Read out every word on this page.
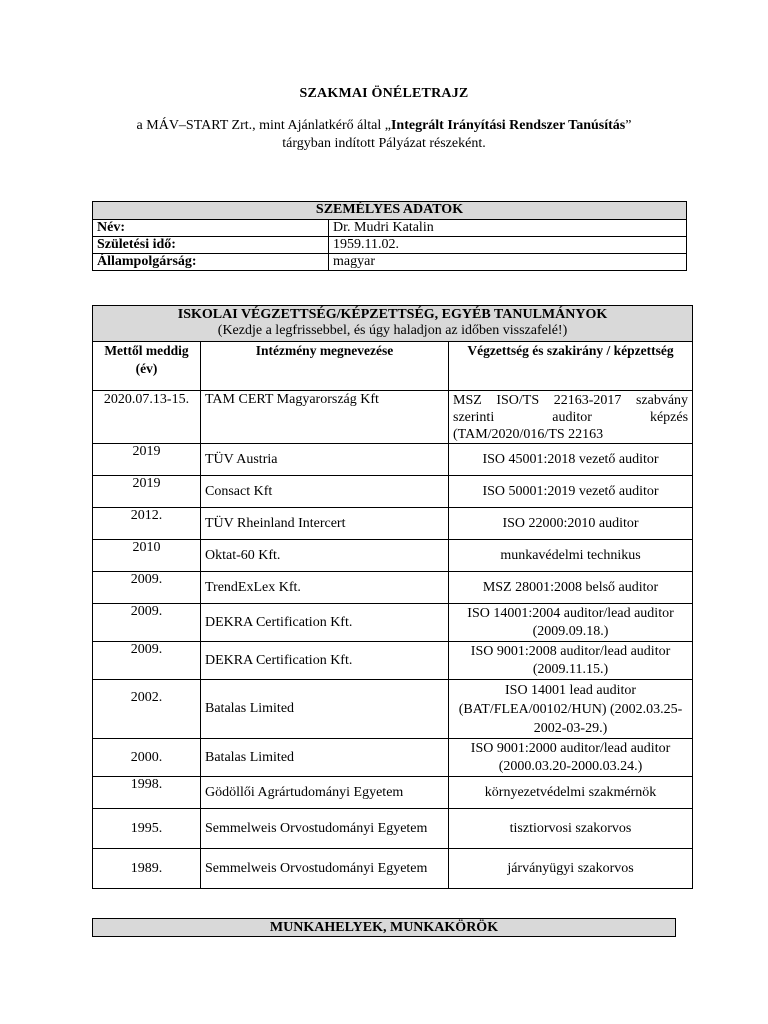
SZAKMAI ÖNÉLETRAJZ
a MÁV–START Zrt., mint Ajánlatkérő által „Integrált Irányítási Rendszer Tanúsítás”
tárgyban indított Pályázat részeként.
SZEMÉLYES ADATOK	
Név:	Dr. Mudri Katalin
Születési idő:	1959.11.02.
Állampolgárság:	magyar
ISKOLAI VÉGZETTSÉG/KÉPZETTSÉG, EGYÉB TANULMÁNYOK
(Kezdje a legfrissebbel, és úgy haladjon az időben visszafelé!)		
Mettől meddig (év)	Intézmény megnevezése	Végzettség és szakirány / képzettség
2020.07.13-15.	TAM CERT Magyarország Kft	MSZ ISO/TS 22163-2017 szabvány szerinti auditor képzés (TAM/2020/016/TS 22163
2019	TÜV Austria	ISO 45001:2018 vezető auditor
2019	Consact Kft	ISO 50001:2019 vezető auditor
2012.	TÜV Rheinland Intercert	ISO 22000:2010 auditor
2010	Oktat-60 Kft.	munkavédelmi technikus
2009.	TrendExLex Kft.	MSZ 28001:2008 belső auditor
2009.	DEKRA Certification Kft.	ISO 14001:2004 auditor/lead auditor (2009.09.18.)
2009.	DEKRA Certification Kft.	ISO 9001:2008 auditor/lead auditor (2009.11.15.)
2002.	Batalas Limited	ISO 14001 lead auditor (BAT/FLEA/00102/HUN) (2002.03.25-2002-03-29.)
2000.	Batalas Limited	ISO 9001:2000 auditor/lead auditor (2000.03.20-2000.03.24.)
1998.	Gödöllői Agrártudományi Egyetem	környezetvédelmi szakmérnök
1995.	Semmelweis Orvostudományi Egyetem	tisztiorvosi szakorvos
1989.	Semmelweis Orvostudományi Egyetem	járványügyi szakorvos
MUNKAHELYEK, MUNKAKÖRÖK
